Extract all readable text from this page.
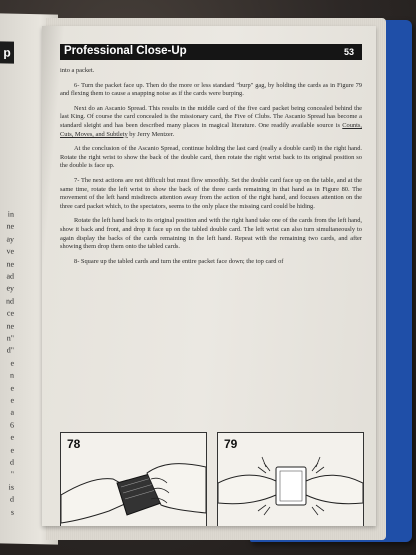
p
in
ne
ay
ve
ne
ad
ey
nd
ce
ne
n"
d"
e
n
e
e
a
6
e
e
d
"
is
d
s
Professional Close-Up	53

into a packet.

6- Turn the packet face up. Then do the more or less standard "burp" gag, by holding the cards as in Figure 79 and flexing them to cause a snapping noise as if the cards were burping.

Next do an Ascanio Spread. This results in the middle card of the five card packet being concealed behind the last King. Of course the card concealed is the missionary card, the Five of Clubs. The Ascanio Spread has become a standard sleight and has been described many places in magical literature. One readily available source is Counts, Cuts, Moves, and Subtlety by Jerry Mentzer.

At the conclusion of the Ascanio Spread, continue holding the last card (really a double card) in the right hand. Rotate the right wrist to show the back of the double card, then rotate the right wrist back to its original position so the double is face up.

7- The next actions are not difficult but must flow smoothly. Set the double card face up on the table, and at the same time, rotate the left wrist to show the back of the three cards remaining in that hand as in Figure 80. The movement of the left hand misdirects attention away from the action of the right hand, and focuses attention on the three card packet which, to the spectators, seems to the only place the missing card could be hiding.

Rotate the left hand back to its original position and with the right hand take one of the cards from the left hand, show it back and front, and drop it face up on the tabled double card. The left wrist can also turn simultaneously to again display the backs of the cards remaining in the left hand. Repeat with the remaining two cards, and after showing them drop them onto the tabled cards.

8- Square up the tabled cards and turn the entire packet face down; the top card of

78	79
